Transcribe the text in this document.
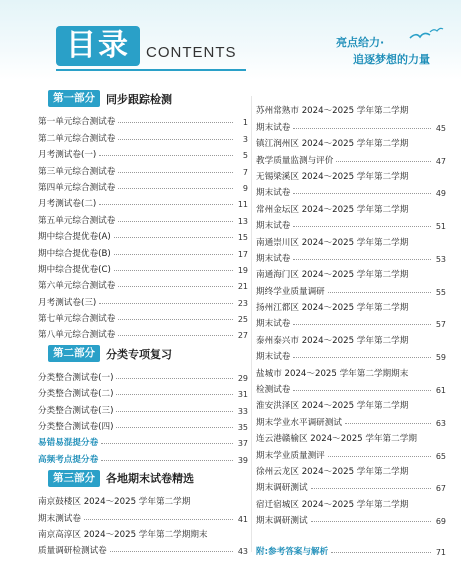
目录	CONTENTS
亮点给力·
追逐梦想的力量
第一部分	同步跟踪检测
第一单元综合测试卷	1
第二单元综合测试卷	3
月考测试卷(一)	5
第三单元综合测试卷	7
第四单元综合测试卷	9
月考测试卷(二)	11
第五单元综合测试卷	13
期中综合提优卷(A)	15
期中综合提优卷(B)	17
期中综合提优卷(C)	19
第六单元综合测试卷	21
月考测试卷(三)	23
第七单元综合测试卷	25
第八单元综合测试卷	27
第二部分	分类专项复习
分类整合测试卷(一)	29
分类整合测试卷(二)	31
分类整合测试卷(三)	33
分类整合测试卷(四)	35
易错易混提分卷	37
高频考点提分卷	39
第三部分	各地期末试卷精选
南京鼓楼区 2024～2025 学年第二学期
期末测试卷	41
南京高淳区 2024～2025 学年第二学期期末
质量调研检测试卷	43
苏州常熟市 2024～2025 学年第二学期
期末试卷	45
镇江润州区 2024～2025 学年第二学期
教学质量监测与评价	47
无锡梁溪区 2024～2025 学年第二学期
期末试卷	49
常州金坛区 2024～2025 学年第二学期
期末试卷	51
南通崇川区 2024～2025 学年第二学期
期末试卷	53
南通海门区 2024～2025 学年第二学期
期终学业质量调研	55
扬州江都区 2024～2025 学年第二学期
期末试卷	57
泰州泰兴市 2024～2025 学年第二学期
期末试卷	59
盐城市 2024～2025 学年第二学期期末
检测试卷	61
淮安洪泽区 2024～2025 学年第二学期
期末学业水平调研测试	63
连云港赣榆区 2024～2025 学年第二学期
期末学业质量测评	65
徐州云龙区 2024～2025 学年第二学期
期末调研测试	67
宿迁宿城区 2024～2025 学年第二学期
期末调研测试	69
附:参考答案与解析	71
